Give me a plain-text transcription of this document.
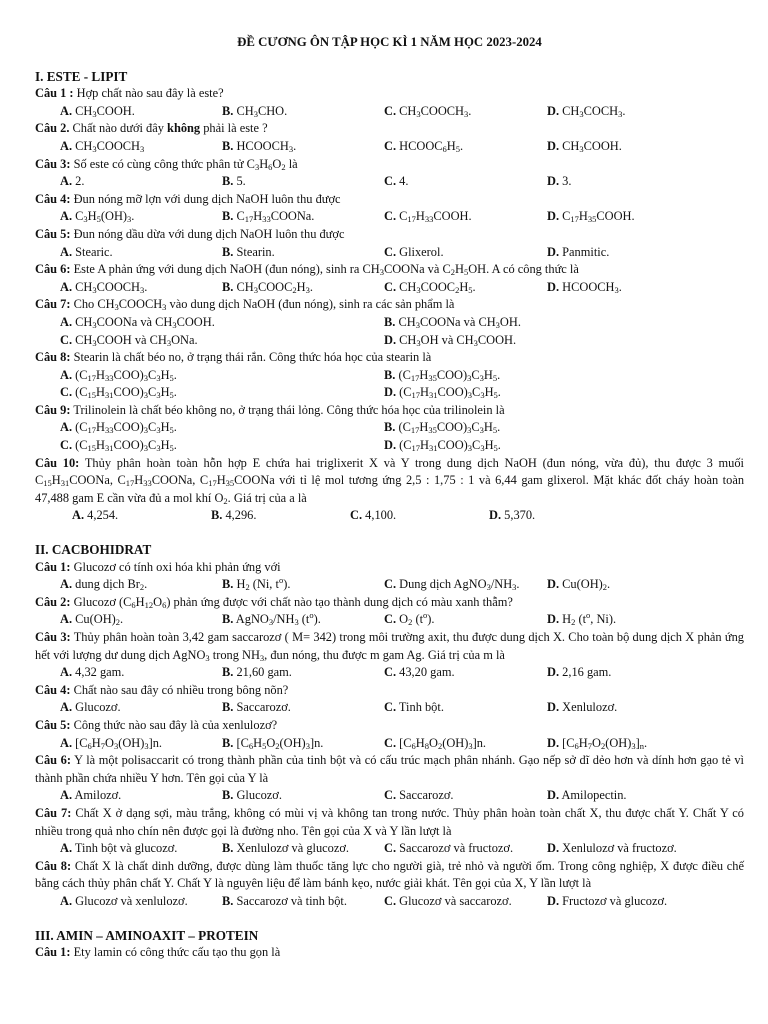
ĐỀ CƯƠNG ÔN TẬP HỌC KÌ 1 NĂM HỌC 2023-2024

I. ESTE - LIPIT

Câu 1 : Hợp chất nào sau đây là este?

A. $CH_3COOH$.	B. $CH_3CHO$.	C. $CH_3COOCH_3$.	D. $CH_3COCH_3$.

Câu 2. Chất nào dưới đây không phải là este ?

A. $CH_3COOCH_3$	B. $HCOOCH_3$.	C. $HCOOC_6H_5$.	D. $CH_3COOH$.

Câu 3: Số este có cùng công thức phân tử $C_3H_6O_2$ là

A. 2.	B. 5.	C. 4.	D. 3.

Câu 4: Đun nóng mỡ lợn với dung dịch NaOH luôn thu được

A. $C_3H_5(OH)_3$.	B. $C_{17}H_{33}COONa$.	C. $C_{17}H_{33}COOH$.	D. $C_{17}H_{35}COOH$.

Câu 5: Đun nóng dầu dừa với dung dịch NaOH luôn thu được

A. Stearic.	B. Stearin.	C. Glixerol.	D. Panmitic.

Câu 6: Este A phản ứng với dung dịch NaOH (đun nóng), sinh ra $CH_3COONa$ và $C_2H_5OH$. A có công thức là

A. $CH_3COOCH_3$.	B. $CH_3COOC_2H_3$.	C. $CH_3COOC_2H_5$.	D. $HCOOCH_3$.

Câu 7: Cho $CH_3COOCH_3$ vào dung dịch NaOH (đun nóng), sinh ra các sản phẩm là

A. $CH_3COONa$ và $CH_3COOH$.	B. $CH_3COONa$ và $CH_3OH$.
C. $CH_3COOH$ và $CH_3ONa$.	D. $CH_3OH$ và $CH_3COOH$.

Câu 8: Stearin là chất béo no, ở trạng thái rắn. Công thức hóa học của stearin là

A. $(C_{17}H_{33}COO)_3C_3H_5$.	B. $(C_{17}H_{35}COO)_3C_3H_5$.
C. $(C_{15}H_{31}COO)_3C_3H_5$.	D. $(C_{17}H_{31}COO)_3C_3H_5$.

Câu 9: Trilinolein là chất béo không no, ở trạng thái lỏng. Công thức hóa học của trilinolein là

A. $(C_{17}H_{33}COO)_3C_3H_5$.	B. $(C_{17}H_{35}COO)_3C_3H_5$.
C. $(C_{15}H_{31}COO)_3C_3H_5$.	D. $(C_{17}H_{31}COO)_3C_3H_5$.

Câu 10: Thủy phân hoàn toàn hỗn hợp E chứa hai triglixerit X và Y trong dung dịch NaOH (đun nóng, vừa đủ), thu được 3 muối $C_{15}H_{31}COONa$, $C_{17}H_{33}COONa$, $C_{17}H_{35}COONa$ với tỉ lệ mol tương ứng 2,5 : 1,75 : 1 và 6,44 gam glixerol. Mặt khác đốt cháy hoàn toàn 47,488 gam E cần vừa đủ a mol khí $O_2$. Giá trị của a là

A. 4,254.	B. 4,296.	C. 4,100.	D. 5,370.

II. CACBOHIDRAT

Câu 1: Glucozơ có tính oxi hóa khi phản ứng với

A. dung dịch $Br_2$.	B. $H_2$ (Ni, $t^o$).	C. Dung dịch $AgNO_3/NH_3$.	D. $Cu(OH)_2$.

Câu 2: Glucozơ $(C_6H_{12}O_6)$ phản ứng được với chất nào tạo thành dung dịch có màu xanh thẫm?

A. $Cu(OH)_2$.	B. $AgNO_3/NH_3$ $(t^o)$.	C. $O_2$ $(t^o)$.	D. $H_2$ ($t^o$, Ni).

Câu 3: Thủy phân hoàn toàn 3,42 gam saccarozơ ( M= 342) trong môi trường axit, thu được dung dịch X. Cho toàn bộ dung dịch X phản ứng hết với lượng dư dung dịch AgNO$_3$ trong $NH_3$, đun nóng, thu được m gam Ag. Giá trị của m là

A. 4,32 gam.	B. 21,60 gam.	C. 43,20 gam.	D. 2,16 gam.

Câu 4: Chất nào sau đây có nhiều trong bông nõn?

A. Glucozơ.	B. Saccarozơ.	C. Tinh bột.	D. Xenlulozơ.

Câu 5: Công thức nào sau đây là của xenlulozơ?

A. $[C_6H_7O_3(OH)_3]n$.	B. $[C_6H_5O_2(OH)_3]n$.	C. $[C_6H_8O_2(OH)_3]n$.	D. $[C_6H_7O_2(OH)_3]_n$.

Câu 6: Y là một polisaccarit có trong thành phần của tinh bột và có cấu trúc mạch phân nhánh. Gạo nếp sở dĩ dẻo hơn và dính hơn gạo tẻ vì thành phần chứa nhiều Y hơn. Tên gọi của Y là

A. Amilozơ.	B. Glucozơ.	C. Saccarozơ.	D. Amilopectin.

Câu 7: Chất X ở dạng sợi, màu trắng, không có mùi vị và không tan trong nước. Thủy phân hoàn toàn chất X, thu được chất Y. Chất Y có nhiều trong quả nho chín nên được gọi là đường nho. Tên gọi của X và Y lần lượt là

A. Tinh bột và glucozơ.	B. Xenlulozơ và glucozơ.	C. Saccarozơ và fructozơ.	D. Xenlulozơ và fructozơ.

Câu 8: Chất X là chất dinh dưỡng, được dùng làm thuốc tăng lực cho người già, trẻ nhỏ và người ốm. Trong công nghiệp, X được điều chế bằng cách thủy phân chất Y. Chất Y là nguyên liệu để làm bánh kẹo, nước giải khát. Tên gọi của X, Y lần lượt là

A. Glucozơ và xenlulozơ.	B. Saccarozơ và tinh bột.	C. Glucozơ và saccarozơ.	D. Fructozơ và glucozơ.

III. AMIN – AMINOAXIT – PROTEIN

Câu 1: Ety lamin có công thức cấu tạo thu gọn là
